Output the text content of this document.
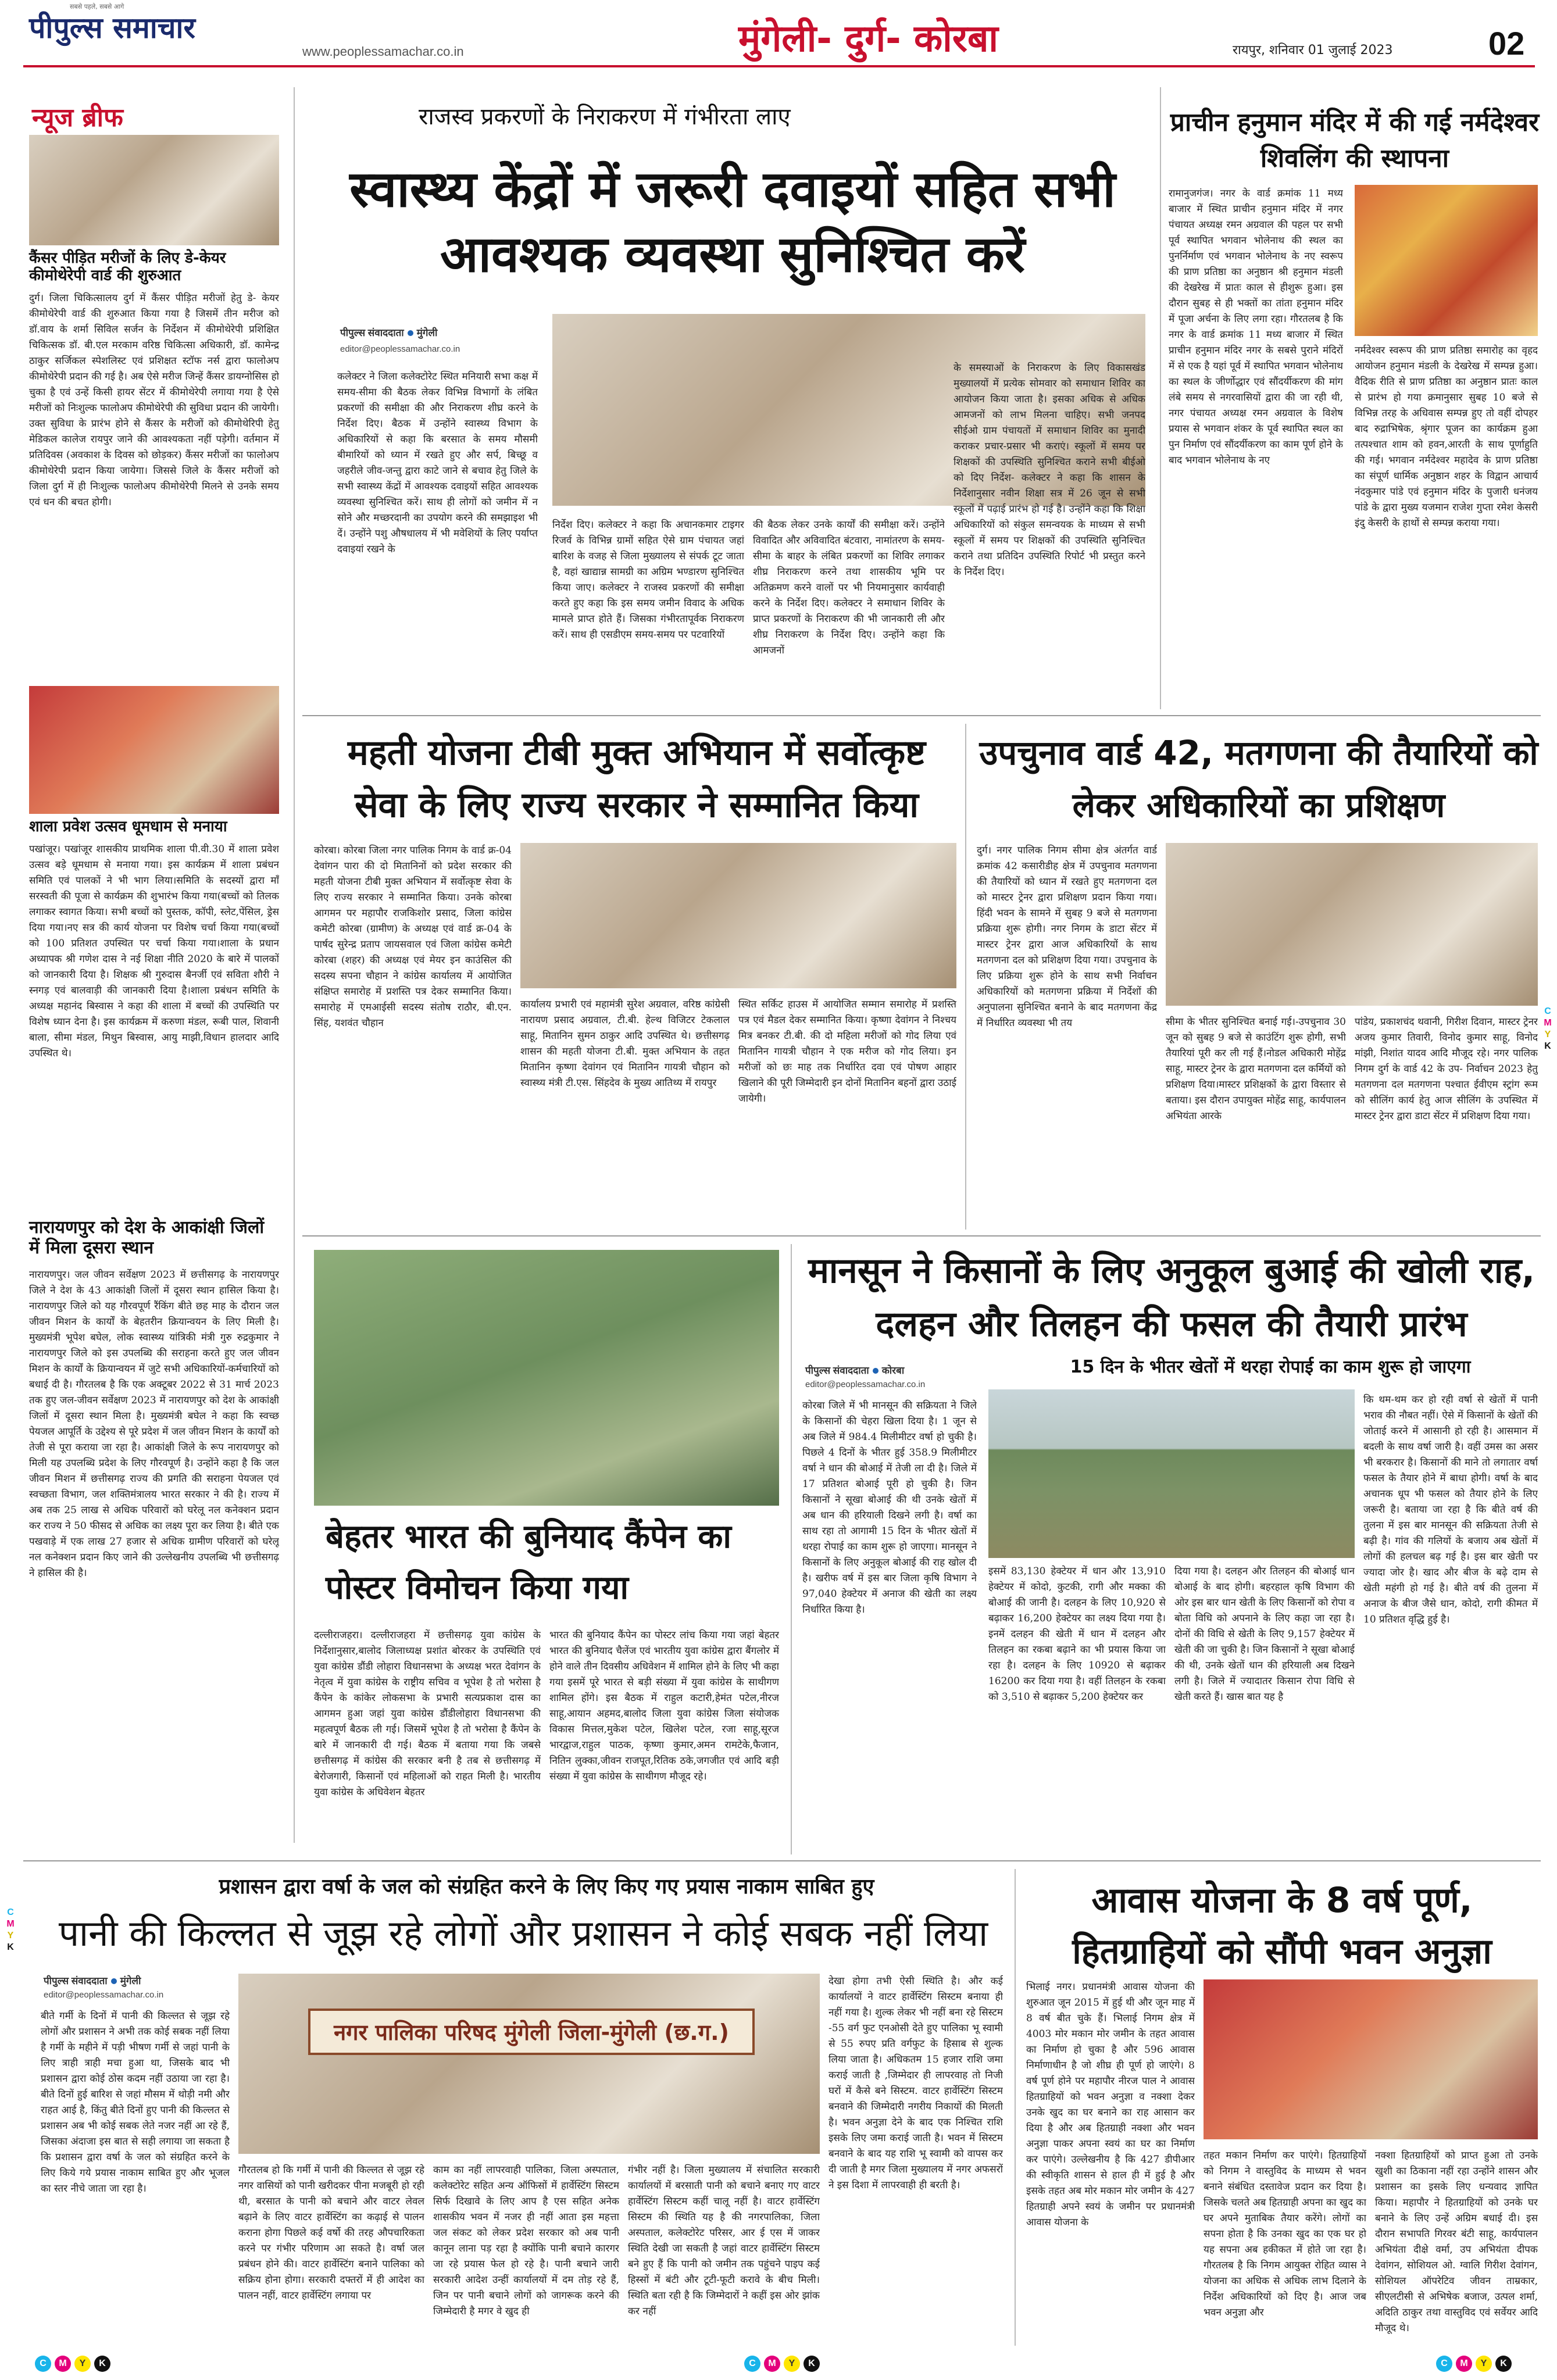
पीपुल्स समाचार
सबसे पहले, सबसे आगे
www.peoplessamachar.co.in	मुंगेली- दुर्ग- कोरबा	रायपुर, शनिवार 01 जुलाई 2023	02
न्यूज ब्रीफ
कैंसर पीड़ित मरीजों के लिए डे-केयर कीमोथेरेपी वार्ड की शुरुआत
दुर्ग। जिला चिकित्सालय दुर्ग में कैंसर पीड़ित मरीजों हेतु डे- केयर कीमोथेरेपी वार्ड की शुरुआत किया गया है जिसमें तीन मरीज को डॉ.वाय के शर्मा सिविल सर्जन के निर्देशन में कीमोथेरेपी प्रशिक्षित चिकित्सक डॉ. बी.एल मरकाम वरिष्ठ चिकित्सा अधिकारी, डॉ. कामेन्द्र ठाकुर सर्जिकल स्पेशलिस्ट एवं प्रशिक्षत स्टॉफ नर्स द्वारा फालोअप कीमोथेरेपी प्रदान की गई है। अब ऐसे मरीज जिन्हें कैंसर डायग्नोसिस हो चुका है एवं उन्हें किसी हायर सेंटर में कीमोथेरेपी लगाया गया है ऐसे मरीजों को निःशुल्क फालोअप कीमोथेरेपी की सुविधा प्रदान की जायेगी। उक्त सुविधा के प्रारंभ होने से कैंसर के मरीजों को कीमोथेरिपी हेतु मेडिकल कालेज रायपुर जाने की आवश्यकता नहीं पड़ेगी। वर्तमान में प्रतिदिवस (अवकाश के दिवस को छोड़कर) कैंसर मरीजों का फालोअप कीमोथेरेपी प्रदान किया जायेगा। जिससे जिले के कैंसर मरीजों को जिला दुर्ग में ही निःशुल्क फालोअप कीमोथेरेपी मिलने से उनके समय एवं धन की बचत होगी।
शाला प्रवेश उत्सव धूमधाम से मनाया
पखांजूर। पखांजूर शासकीय प्राथमिक शाला पी.वी.30 में शाला प्रवेश उत्सव बड़े धूमधाम से मनाया गया। इस कार्यक्रम में शाला प्रबंधन समिति एवं पालकों ने भी भाग लिया।समिति के सदस्यों द्वारा माँ सरस्वती की पूजा से कार्यक्रम की शुभारंभ किया गया(बच्चों को तिलक लगाकर स्वागत किया। सभी बच्चों को पुस्तक, कॉपी, स्लेट,पेंसिल, ड्रेस दिया गया।नए सत्र की कार्य योजना पर विशेष चर्चा किया गया(बच्चों को 100 प्रतिशत उपस्थित पर चर्चा किया गया।शाला के प्रधान अध्यापक श्री गणेश दास ने नई शिक्षा नीति 2020 के बारे में पालकों को जानकारी दिया है। शिक्षक श्री गुरुदास बैनर्जी एवं सविता शौरी ने स्नगड़ एवं बालवाड़ी की जानकारी दिया है।शाला प्रबंधन समिति के अध्यक्ष महानंद बिस्वास ने कहा की शाला में बच्चों की उपस्थिति पर विशेष ध्यान देना है। इस कार्यक्रम में करुणा मंडल, रूबी पाल, शिवानी बाला, सीमा मंडल, मिथुन बिस्वास, आयु माझी,विधान हालदार आदि उपस्थित थे।
नारायणपुर को देश के आकांक्षी जिलों में मिला दूसरा स्थान
नारायणपुर। जल जीवन सर्वेक्षण 2023 में छत्तीसगढ़ के नारायणपुर जिले ने देश के 43 आकांक्षी जिलों में दूसरा स्थान हासिल किया है। नारायणपुर जिले को यह गौरवपूर्ण रैंकिंग बीते छह माह के दौरान जल जीवन मिशन के कार्यों के बेहतरीन क्रियान्वयन के लिए मिली है। मुख्यमंत्री भूपेश बघेल, लोक स्वास्थ्य यांत्रिकी मंत्री गुरु रुद्रकुमार ने नारायणपुर जिले को इस उपलब्धि की सराहना करते हुए जल जीवन मिशन के कार्यों के क्रियान्वयन में जुटे सभी अधिकारियों-कर्मचारियों को बधाई दी है। गौरतलब है कि एक अक्टूबर 2022 से 31 मार्च 2023 तक हुए जल-जीवन सर्वेक्षण 2023 में नारायणपुर को देश के आकांक्षी जिलों में दूसरा स्थान मिला है। मुख्यमंत्री बघेल ने कहा कि स्वच्छ पेयजल आपूर्ति के उद्देश्य से पूरे प्रदेश में जल जीवन मिशन के कार्यों को तेजी से पूरा कराया जा रहा है। आकांक्षी जिले के रूप नारायणपुर को मिली यह उपलब्धि प्रदेश के लिए गौरवपूर्ण है। उन्होंने कहा है कि जल जीवन मिशन में छत्तीसगढ़ राज्य की प्रगति की सराहना पेयजल एवं स्वच्छता विभाग, जल शक्तिमंत्रालय भारत सरकार ने की है। राज्य में अब तक 25 लाख से अधिक परिवारों को घरेलू नल कनेक्शन प्रदान कर राज्य ने 50 फीसद से अधिक का लक्ष्य पूरा कर लिया है। बीते एक पखवाड़े में एक लाख 27 हजार से अधिक ग्रामीण परिवारों को घरेलू नल कनेक्शन प्रदान किए जाने की उल्लेखनीय उपलब्धि भी छत्तीसगढ़ ने हासिल की है।
राजस्व प्रकरणों के निराकरण में गंभीरता लाए
स्वास्थ्य केंद्रों में जरूरी दवाइयों सहित सभी आवश्यक व्यवस्था सुनिश्चित करें
पीपुल्स संवाददाता मुंगेली
editor@peoplessamachar.co.in
कलेक्टर ने जिला कलेक्टोरेट स्थित मनियारी सभा कक्ष में समय-सीमा की बैठक लेकर विभिन्न विभागों के लंबित प्रकरणों की समीक्षा की और निराकरण शीघ्र करने के निर्देश दिए। बैठक में उन्होंने स्वास्थ्य विभाग के अधिकारियों से कहा कि बरसात के समय मौसमी बीमारियों को ध्यान में रखते हुए और सर्प, बिच्छू व जहरीले जीव-जन्तु द्वारा काटे जाने से बचाव हेतु जिले के सभी स्वास्थ्य केंद्रों में आवश्यक दवाइयों सहित आवश्यक व्यवस्था सुनिश्चित करें। साथ ही लोगों को जमीन में न सोने और मच्छरदानी का उपयोग करने की समझाइश भी दें। उन्होंने पशु औषधालय में भी मवेशियों के लिए पर्याप्त दवाइयां रखने के
निर्देश दिए। कलेक्टर ने कहा कि अचानकमार टाइगर रिजर्व के विभिन्न ग्रामों सहित ऐसे ग्राम पंचायत जहां बारिश के वजह से जिला मुख्यालय से संपर्क टूट जाता है, वहां खाद्यान्न सामग्री का अग्रिम भण्डारण सुनिश्चित किया जाए। कलेक्टर ने राजस्व प्रकरणों की समीक्षा करते हुए कहा कि इस समय जमीन विवाद के अधिक मामले प्राप्त होते हैं। जिसका गंभीरतापूर्वक निराकरण करें। साथ ही एसडीएम समय-समय पर पटवारियों
की बैठक लेकर उनके कार्यों की समीक्षा करें। उन्होंने विवादित और अविवादित बंटवारा, नामांतरण के समय-सीमा के बाहर के लंबित प्रकरणों का शिविर लगाकर शीघ्र निराकरण करने तथा शासकीय भूमि पर अतिक्रमण करने वालों पर भी नियमानुसार कार्यवाही करने के निर्देश दिए। कलेक्टर ने समाधान शिविर के प्राप्त प्रकरणों के निराकरण की भी जानकारी ली और शीघ्र निराकरण के निर्देश दिए। उन्होंने कहा कि आमजनों
के समस्याओं के निराकरण के लिए विकासखंड मुख्यालयों में प्रत्येक सोमवार को समाधान शिविर का आयोजन किया जाता है। इसका अधिक से अधिक आमजनों को लाभ मिलना चाहिए। सभी जनपद सीईओ ग्राम पंचायतों में समाधान शिविर का मुनादी कराकर प्रचार-प्रसार भी कराएं। स्कूलों में समय पर शिक्षकों की उपस्थिति सुनिश्चित कराने सभी बीईओ को दिए निर्देश- कलेक्टर ने कहा कि शासन के निर्देशानुसार नवीन शिक्षा सत्र में 26 जून से सभी स्कूलों में पढ़ाई प्रारंभ हो गई है। उन्होंने कहा कि शिक्षा अधिकारियों को संकुल समन्वयक के माध्यम से सभी स्कूलों में समय पर शिक्षकों की उपस्थिति सुनिश्चित कराने तथा प्रतिदिन उपस्थिति रिपोर्ट भी प्रस्तुत करने के निर्देश दिए।
प्राचीन हनुमान मंदिर में की गई नर्मदेश्वर शिवलिंग की स्थापना
रामानुजगंज। नगर के वार्ड क्रमांक 11 मध्य बाजार में स्थित प्राचीन हनुमान मंदिर में नगर पंचायत अध्यक्ष रमन अग्रवाल की पहल पर सभी पूर्व स्थापित भगवान भोलेनाथ की स्थल का पुनर्निर्माण एवं भगवान भोलेनाथ के नए स्वरूप की प्राण प्रतिष्ठा का अनुष्ठान श्री हनुमान मंडली की देखरेख में प्रातः काल से हीशुरू हुआ। इस दौरान सुबह से ही भक्तों का तांता हनुमान मंदिर में पूजा अर्चना के लिए लगा रहा। गौरतलब है कि नगर के वार्ड क्रमांक 11 मध्य बाजार में स्थित प्राचीन हनुमान मंदिर नगर के सबसे पुराने मंदिरों में से एक है यहां पूर्व में स्थापित भगवान भोलेनाथ का स्थल के जीर्णोद्धार एवं सौंदर्यीकरण की मांग लंबे समय से नगरवासियों द्वारा की जा रही थी, नगर पंचायत अध्यक्ष रमन अग्रवाल के विशेष प्रयास से भगवान शंकर के पूर्व स्थापित स्थल का पुन निर्माण एवं सौंदर्यीकरण का काम पूर्ण होने के बाद भगवान भोलेनाथ के नए
नर्मदेश्वर स्वरूप की प्राण प्रतिष्ठा समारोह का वृहद आयोजन हनुमान मंडली के देखरेख में सम्पन्न हुआ। वैदिक रीति से प्राण प्रतिष्ठा का अनुष्ठान प्रातः काल से प्रारंभ हो गया क्रमानुसार सुबह 10 बजे से विभिन्न तरह के अधिवास सम्पन्न हुए तो वहीं दोपहर बाद रुद्राभिषेक, श्रृंगार पूजन का कार्यक्रम हुआ तत्पश्चात शाम को हवन,आरती के साथ पूर्णाहुति की गई। भगवान नर्मदेश्वर महादेव के प्राण प्रतिष्ठा का संपूर्ण धार्मिक अनुष्ठान शहर के विद्वान आचार्य नंदकुमार पांडे एवं हनुमान मंदिर के पुजारी धनंजय पांडे के द्वारा मुख्य यजमान राजेश गुप्ता रमेश केसरी इंदु केसरी के हाथों से सम्पन्न कराया गया।
महती योजना टीबी मुक्त अभियान में सर्वोत्कृष्ट सेवा के लिए राज्य सरकार ने सम्मानित किया
कोरबा। कोरबा जिला नगर पालिक निगम के वार्ड क्र-04 देवांगन पारा की दो मितानिनों को प्रदेश सरकार की महती योजना टीबी मुक्त अभियान में सर्वोत्कृष्ट सेवा के लिए राज्य सरकार ने सम्मानित किया। उनके कोरबा आगमन पर महापौर राजकिशोर प्रसाद, जिला कांग्रेस कमेटी कोरबा (ग्रामीण) के अध्यक्ष एवं वार्ड क्र-04 के पार्षद सुरेन्द्र प्रताप जायसवाल एवं जिला कांग्रेस कमेटी कोरबा (शहर) की अध्यक्ष एवं मेयर इन काउंसिल की सदस्य सपना चौहान ने कांग्रेस कार्यालय में आयोजित संक्षिप्त समारोह में प्रशस्ति पत्र देकर सम्मानित किया। समारोह में एमआईसी सदस्य संतोष राठौर, बी.एन. सिंह, यशवंत चौहान
कार्यालय प्रभारी एवं महामंत्री सुरेश अग्रवाल, वरिष्ठ कांग्रेसी नारायण प्रसाद अग्रवाल, टी.बी. हेल्थ विजिटर टेकलाल साहू, मितानिन सुमन ठाकुर आदि उपस्थित थे। छत्तीसगढ़ शासन की महती योजना टी.बी. मुक्त अभियान के तहत मितानिन कृष्णा देवांगन एवं मितानिन गायत्री चौहान को स्वास्थ्य मंत्री टी.एस. सिंहदेव के मुख्य आतिथ्य में रायपुर
स्थित सर्किट हाउस में आयोजित सम्मान समारोह में प्रशस्ति पत्र एवं मैडल देकर सम्मानित किया। कृष्णा देवांगन ने निश्चय मित्र बनकर टी.बी. की दो महिला मरीजों को गोद लिया एवं मितानिन गायत्री चौहान ने एक मरीज को गोद लिया। इन मरीजों को छः माह तक निर्धारित दवा एवं पोषण आहार खिलाने की पूरी जिम्मेदारी इन दोनों मितानिन बहनों द्वारा उठाई जायेगी।
उपचुनाव वार्ड 42, मतगणना की तैयारियों को लेकर अधिकारियों का प्रशिक्षण
दुर्ग। नगर पालिक निगम सीमा क्षेत्र अंतर्गत वार्ड क्रमांक 42 कसारीडीह क्षेत्र में उपचुनाव मतगणना की तैयारियों को ध्यान में रखते हुए मतगणना दल को मास्टर ट्रेनर द्वारा प्रशिक्षण प्रदान किया गया। हिंदी भवन के सामने में सुबह 9 बजे से मतगणना प्रक्रिया शुरू होगी। नगर निगम के डाटा सेंटर में मास्टर ट्रेनर द्वारा आज अधिकारियों के साथ मतगणना दल को प्रशिक्षण दिया गया। उपचुनाव के लिए प्रक्रिया शुरू होने के साथ सभी निर्वाचन अधिकारियों को मतगणना प्रक्रिया में निर्देशों की अनुपालना सुनिश्चित बनाने के बाद मतगणना केंद्र में निर्धारित व्यवस्था भी तय	सीमा के भीतर सुनिश्चित बनाई गई।-उपचुनाव 30 जून को सुबह 9 बजे से काउंटिंग शुरू होगी, सभी तैयारियां पूरी कर ली गई हैं।नोडल अधिकारी मोहेंद्र साहू, मास्टर ट्रेनर के द्वारा मतगणना दल कर्मियों को प्रशिक्षण दिया।मास्टर प्रशिक्षकों के द्वारा विस्तार से बताया। इस दौरान उपायुक्त मोहेंद्र साहू, कार्यपालन अभियंता आरके
पांडेय, प्रकाशचंद थवानी, गिरीश दिवान, मास्टर ट्रेनर अजय कुमार तिवारी, विनोद कुमार साहू, विनोद मांझी, निशांत यादव आदि मौजूद रहे। नगर पालिक निगम दुर्ग के वार्ड 42 के उप- निर्वाचन 2023 हेतु मतगणना दल मतगणना पश्चात ईवीएम स्ट्रांग रूम को सीलिंग कार्य हेतु आज सीलिंग के उपस्थित में मास्टर ट्रेनर द्वारा डाटा सेंटर में प्रशिक्षण दिया गया।
बेहतर भारत की बुनियाद कैंपेन का पोस्टर विमोचन किया गया
दल्लीराजहरा। दल्लीराजहरा में छत्तीसगढ़ युवा कांग्रेस के निर्देशानुसार,बालोद जिलाध्यक्ष प्रशांत बोरकर के उपस्थिति एवं युवा कांग्रेस डौंडी लोहारा विधानसभा के अध्यक्ष भरत देवांगन के नेतृत्व में युवा कांग्रेस के राष्ट्रीय सचिव व भूपेश है तो भरोसा है कैंपेन के कांकेर लोकसभा के प्रभारी सत्यप्रकाश दास का आगमन हुआ जहां युवा कांग्रेस डौंडीलोहारा विधानसभा की महत्वपूर्ण बैठक ली गई। जिसमें भूपेश है तो भरोसा है कैंपेन के बारे में जानकारी दी गई। बैठक में बताया गया कि जबसे छत्तीसगढ़ में कांग्रेस की सरकार बनी है तब से छत्तीसगढ़ में बेरोजगारी, किसानों एवं महिलाओं को राहत मिली है। भारतीय युवा कांग्रेस के अधिवेशन बेहतर
भारत की बुनियाद कैंपेन का पोस्टर लांच किया गया जहां बेहतर भारत की बुनियाद चैलेंज एवं भारतीय युवा कांग्रेस द्वारा बैंगलोर में होने वाले तीन दिवसीय अधिवेशन में शामिल होने के लिए भी कहा गया इसमें पूरे भारत से बड़ी संख्या में युवा कांग्रेस के साथीगण शामिल होंगे। इस बैठक में राहुल कटारी,हेमंत पटेल,नीरज साहू,आयान अहमद,बालोद जिला युवा कांग्रेस जिला संयोजक विकास मित्तल,मुकेश पटेल, खिलेश पटेल, रजा साहू,सूरज भारद्वाज,राहुल पाठक, कृष्णा कुमार,अमन रामटेके,फैजान, नितिन लुक्का,जीवन राजपूत,रितिक ठके,जगजीत एवं आदि बड़ी संख्या में युवा कांग्रेस के साथीगण मौजूद रहे।
मानसून ने किसानों के लिए अनुकूल बुआई की खोली राह, दलहन और तिलहन की फसल की तैयारी प्रारंभ
पीपुल्स संवाददाता कोरबा
editor@peoplessamachar.co.in
15 दिन के भीतर खेतों में थरहा रोपाई का काम शुरू हो जाएगा
कोरबा जिले में भी मानसून की सक्रियता ने जिले के किसानों की चेहरा खिला दिया है। 1 जून से अब जिले में 984.4 मिलीमीटर वर्षा हो चुकी है। पिछले 4 दिनों के भीतर हुई 358.9 मिलीमीटर वर्षा ने धान की बोआई में तेजी ला दी है। जिले में 17 प्रतिशत बोआई पूरी हो चुकी है। जिन किसानों ने सूखा बोआई की थी उनके खेतों में अब धान की हरियाली दिखने लगी है। वर्षा का साथ रहा तो आगामी 15 दिन के भीतर खेतों में थरहा रोपाई का काम शुरू हो जाएगा। मानसून ने किसानों के लिए अनुकूल बोआई की राह खोल दी है। खरीफ वर्ष में इस बार जिला कृषि विभाग ने 97,040 हेक्टेयर में अनाज की खेती का लक्ष्य निर्धारित किया है।
इसमें 83,130 हेक्टेयर में धान और 13,910 हेक्टेयर में कोदो, कुटकी, रागी और मक्का की बोआई की जानी है। दलहन के लिए 10,920 से बढ़ाकर 16,200 हेक्टेयर का लक्ष्य दिया गया है। इनमें दलहन की खेती में धान में दलहन और तिलहन का रकबा बढ़ाने का भी प्रयास किया जा रहा है। दलहन के लिए 10920 से बढ़ाकर 16200 कर दिया गया है। वहीं तिलहन के रकबा को 3,510 से बढ़ाकर 5,200 हेक्टेयर कर
दिया गया है। दलहन और तिलहन की बोआई धान बोआई के बाद होगी। बहरहाल कृषि विभाग की ओर इस बार धान खेती के लिए किसानों को रोपा व बोता विधि को अपनाने के लिए कहा जा रहा है। दोनों की विधि से खेती के लिए 9,157 हेक्टेयर में खेती की जा चुकी है। जिन किसानों ने सूखा बोआई की थी, उनके खेतों धान की हरियाली अब दिखने लगी है। जिले में ज्यादातर किसान रोपा विधि से खेती करते हैं। खास बात यह है
कि थम-थम कर हो रही वर्षा से खेतों में पानी भराव की नौबत नहीं। ऐसे में किसानों के खेतों की जोताई करने में आसानी हो रही है। आसमान में बदली के साथ वर्षा जारी है। वहीं उमस का असर भी बरकरार है। किसानों की माने तो लगातार वर्षा फसल के तैयार होने में बाधा होगी। वर्षा के बाद अचानक धूप भी फसल को तैयार होने के लिए जरूरी है। बताया जा रहा है कि बीते वर्ष की तुलना में इस बार मानसून की सक्रियता तेजी से बढ़ी है। गांव की गलियों के बजाय अब खेतों में लोगों की हलचल बढ़ गई है। इस बार खेती पर ज्यादा जोर है। खाद और बीज के बढ़े दाम से खेती महंगी हो गई है। बीते वर्ष की तुलना में अनाज के बीज जैसे धान, कोदो, रागी कीमत में 10 प्रतिशत वृद्धि हुई है।
प्रशासन द्वारा वर्षा के जल को संग्रहित करने के लिए किए गए प्रयास नाकाम साबित हुए
पानी की किल्लत से जूझ रहे लोगों और प्रशासन ने कोई सबक नहीं लिया
पीपुल्स संवाददाता मुंगेली
editor@peoplessamachar.co.in
बीते गर्मी के दिनों में पानी की किल्लत से जूझ रहे लोगों और प्रशासन ने अभी तक कोई सबक नहीं लिया है गर्मी के महीने में पड़ी भीषण गर्मी से जहां पानी के लिए त्राही त्राही मचा हुआ था, जिसके बाद भी प्रशासन द्वारा कोई ठोस कदम नहीं उठाया जा रहा है। बीते दिनों हुई बारिश से जहां मौसम में थोड़ी नमी और राहत आई है, किंतु बीते दिनों हुए पानी की किल्लत से प्रशासन अब भी कोई सबक लेते नजर नहीं आ रहे हैं, जिसका अंदाजा इस बात से सही लगाया जा सकता है कि प्रशासन द्वारा वर्षा के जल को संग्रहित करने के लिए किये गये प्रयास नाकाम साबित हुए और भूजल का स्तर नीचे जाता जा रहा है।
नगर पालिका परिषद मुंगेली जिला-मुंगेली (छ.ग.)
गौरतलब हो कि गर्मी में पानी की किल्लत से जूझ रहे नगर वासियों को पानी खरीदकर पीना मजबूरी हो रही थी, बरसात के पानी को बचाने और वाटर लेवल बढ़ाने के लिए वाटर हार्वेस्टिंग का कढ़ाई से पालन कराना होगा पिछले कई वर्षो की तरह औपचारिकता करने पर गंभीर परिणाम आ सकते है। वर्षा जल प्रबंधन होने की। वाटर हार्वेस्टिंग बनाने पालिका को सक्रिय होना होगा। सरकारी दफ्तरों में ही आदेश का पालन नहीं, वाटर हार्वेस्टिंग लगाया पर
काम का नहीं लापरवाही पालिका, जिला अस्पताल, कलेक्टोरेट सहित अन्य ऑफिसों में हार्वेस्टिंग सिस्टम सिर्फ दिखावे के लिए आप है एस सहित अनेक शासकीय भवन में नजर ही नहीं आता इस महत्ता जल संकट को लेकर प्रदेश सरकार को अब पानी कानून लाना पड़ रहा है क्योंकि पानी बचाने कारगर जा रहे प्रयास फेल हो रहे है। पानी बचाने जारी सरकारी आदेश उन्हीं कार्यालयों में दम तोड़ रहे हैं, जिन पर पानी बचाने लोगों को जागरूक करने की जिम्मेदारी है मगर वे खुद ही
गंभीर नहीं है। जिला मुख्यालय में संचालित सरकारी कार्यालयों में बरसाती पानी को बचाने बनाए गए वाटर हार्वेस्टिंग सिस्टम कहीं चालू नहीं है। वाटर हार्वेस्टिंग सिस्टम की स्थिति यह है की नगरपालिका, जिला अस्पताल, कलेक्टोरेट परिसर, आर ई एस में जाकर स्थिति देखी जा सकती है जहां वाटर हार्वेस्टिंग सिस्टम बने हुए हैं कि पानी को जमीन तक पहुंचने पाइप कई हिस्सों में बंटी और टूटी-फूटी करावे के बीच मिली। स्थिति बता रही है कि जिम्मेदारों ने कहीं इस ओर झांक कर नहीं
देखा होगा तभी ऐसी स्थिति है। और कई कार्यालयों ने वाटर हार्वेस्टिंग सिस्टम बनाया ही नहीं गया है। शुल्क लेकर भी नहीं बना रहे सिस्टम -55 वर्ग फुट एनओसी देते हुए पालिका भू स्वामी से 55 रुपए प्रति वर्गफुट के हिसाब से शुल्क लिया जाता है। अधिकतम 15 हजार राशि जमा कराई जाती है ,जिम्मेदार ही लापरवाह तो निजी घरों में कैसे बने सिस्टम. वाटर हार्वेस्टिंग सिस्टम बनवाने की जिम्मेदारी नगरीय निकायों की मिलती है। भवन अनुज्ञा देने के बाद एक निश्चित राशि इसके लिए जमा कराई जाती है। भवन में सिस्टम बनवाने के बाद यह राशि भू स्वामी को वापस कर दी जाती है मगर जिला मुख्यालय में नगर अफसरों ने इस दिशा में लापरवाही ही बरती है।
आवास योजना के 8 वर्ष पूर्ण, हितग्राहियों को सौंपी भवन अनुज्ञा
भिलाई नगर। प्रधानमंत्री आवास योजना की शुरुआत जून 2015 में हुई थी और जून माह में 8 वर्ष बीत चुके हैं। भिलाई निगम क्षेत्र में 4003 मोर मकान मोर जमीन के तहत आवास का निर्माण हो चुका है और 596 आवास निर्माणाधीन है जो शीघ्र ही पूर्ण हो जाएंगे। 8 वर्ष पूर्ण होने पर महापौर नीरज पाल ने आवास हितग्राहियों को भवन अनुज्ञा व नक्शा देकर उनके खुद का घर बनाने का राह आसान कर दिया है और अब हितग्राही नक्शा और भवन अनुज्ञा पाकर अपना स्वयं का घर का निर्माण कर पाएंगे। उल्लेखनीय है कि 427 डीपीआर की स्वीकृति शासन से हाल ही में हुई है और इसके तहत अब मोर मकान मोर जमीन के 427 हितग्राही अपने स्वयं के जमीन पर प्रधानमंत्री आवास योजना के
तहत मकान निर्माण कर पाएंगे। हितग्राहियों को निगम ने वास्तुविद के माध्यम से भवन बनाने संबंधित दस्तावेज प्रदान कर दिया है। जिसके चलते अब हितग्राही अपना का खुद का घर अपने मुताबिक तैयार करेंगे। लोगों का सपना होता है कि उनका खुद का एक घर हो यह सपना अब हकीकत में होते जा रहा है। गौरतलब है कि निगम आयुक्त रोहित व्यास ने योजना का अधिक से अधिक लाभ दिलाने के निर्देश अधिकारियों को दिए है। आज जब भवन अनुज्ञा और
नक्शा हितग्राहियों को प्राप्त हुआ तो उनके खुशी का ठिकाना नहीं रहा उन्होंने शासन और प्रशासन का इसके लिए धन्यवाद ज्ञापित किया। महापौर ने हितग्राहियों को उनके घर बनाने के लिए उन्हें अग्रिम बधाई दी। इस दौरान सभापति गिरवर बंटी साहू, कार्यपालन अभियंता दीक्षे वर्मा, उप अभियंता दीपक देवांगन, सोशियल ओ. ग्वालि गिरीश देवांगन, सोशियल ऑपरेटिव जीवन ताम्रकार, सीएलटीसी से अभिषेक बजाज, उत्पल शर्मा, अदिति ठाकुर तथा वास्तुविद एवं सर्वेयर आदि मौजूद थे।
C
M
Y
K
C
M
Y
K
C	M	Y	K	C	M	Y	K	C	M	Y	K
